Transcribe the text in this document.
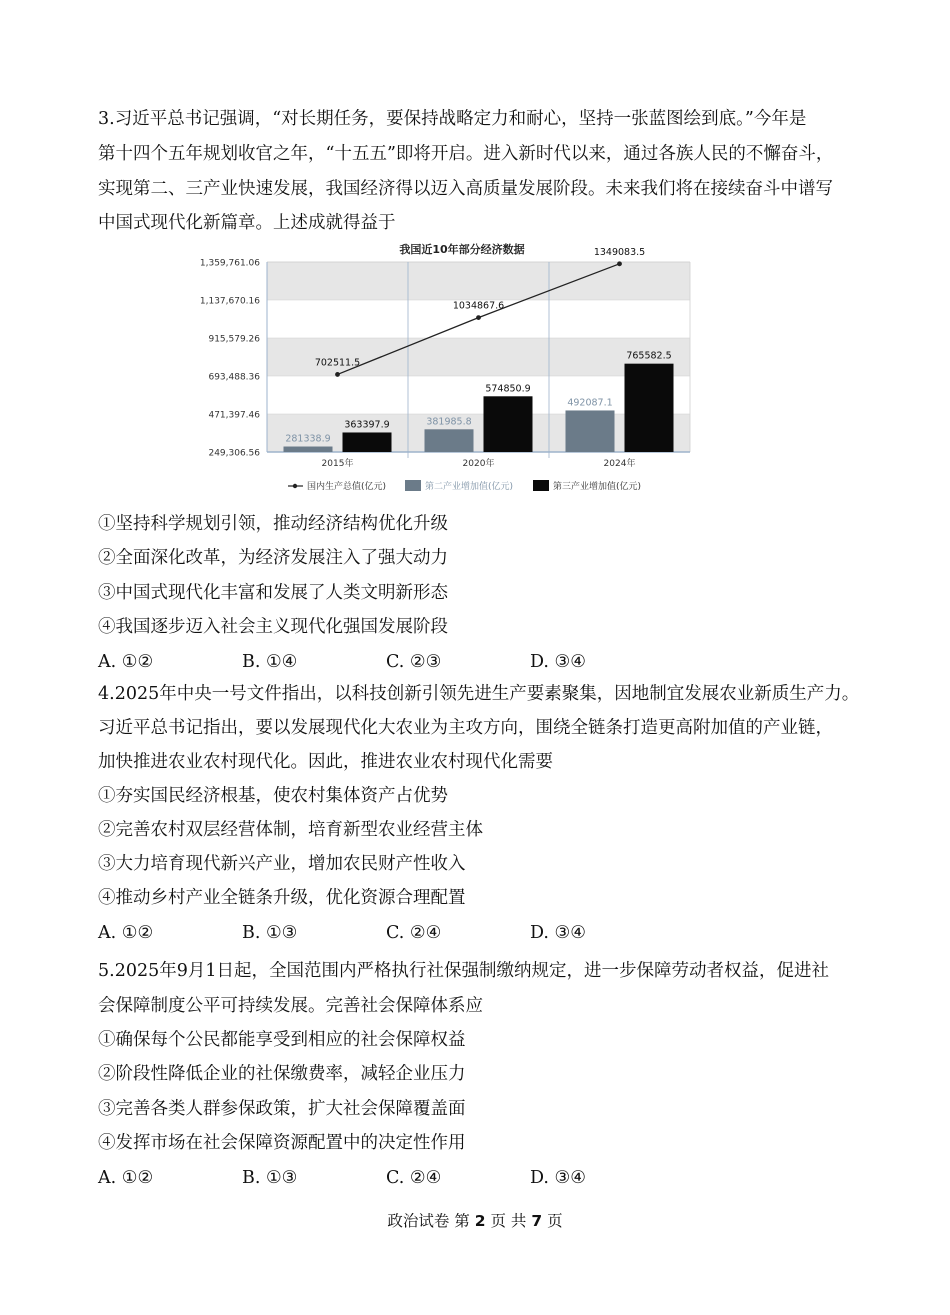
3.习近平总书记强调，“对长期任务，要保持战略定力和耐心，坚持一张蓝图绘到底。”今年是
第十四个五年规划收官之年，“十五五”即将开启。进入新时代以来，通过各族人民的不懈奋斗，
实现第二、三产业快速发展，我国经济得以迈入高质量发展阶段。未来我们将在接续奋斗中谱写
中国式现代化新篇章。上述成就得益于
我国近10年部分经济数据
1,359,761.06
1,137,670.16
915,579.26
693,488.36
471,397.46
249,306.56
2015年	2020年	2024年
281338.9
381985.8
492087.1
363397.9
574850.9
765582.5
702511.5
1034867.6
1349083.5
国内生产总值(亿元)	第二产业增加值(亿元)	第三产业增加值(亿元)
①坚持科学规划引领，推动经济结构优化升级
②全面深化改革，为经济发展注入了强大动力
③中国式现代化丰富和发展了人类文明新形态
④我国逐步迈入社会主义现代化强国发展阶段
A. ①②	B. ①④	C. ②③	D. ③④
4.2025年中央一号文件指出，以科技创新引领先进生产要素聚集，因地制宜发展农业新质生产力。
习近平总书记指出，要以发展现代化大农业为主攻方向，围绕全链条打造更高附加值的产业链，
加快推进农业农村现代化。因此，推进农业农村现代化需要
①夯实国民经济根基，使农村集体资产占优势
②完善农村双层经营体制，培育新型农业经营主体
③大力培育现代新兴产业，增加农民财产性收入
④推动乡村产业全链条升级，优化资源合理配置
A. ①②	B. ①③	C. ②④	D. ③④
5.2025年9月1日起，全国范围内严格执行社保强制缴纳规定，进一步保障劳动者权益，促进社
会保障制度公平可持续发展。完善社会保障体系应
①确保每个公民都能享受到相应的社会保障权益
②阶段性降低企业的社保缴费率，减轻企业压力
③完善各类人群参保政策，扩大社会保障覆盖面
④发挥市场在社会保障资源配置中的决定性作用
A. ①②	B. ①③	C. ②④	D. ③④
政治试卷 第 2 页 共 7 页
